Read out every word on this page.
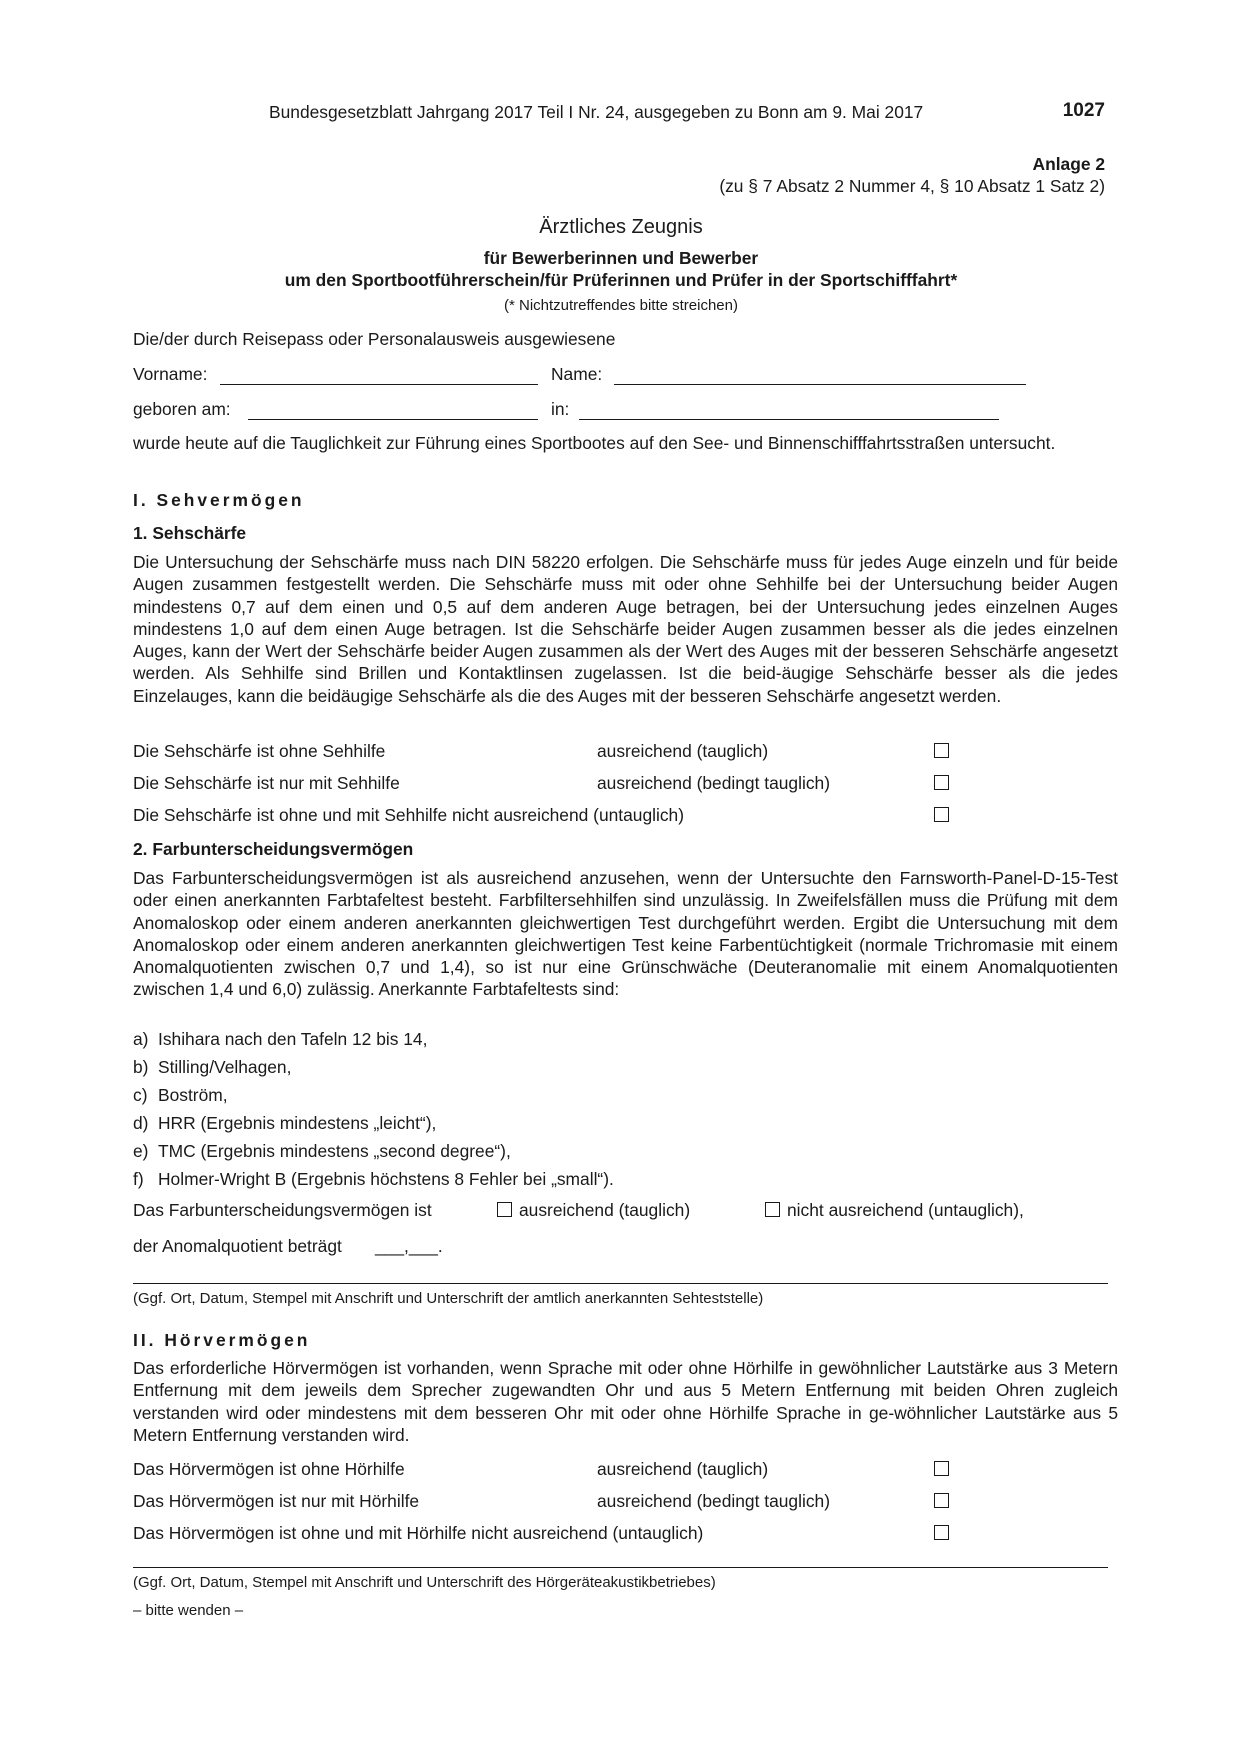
Bundesgesetzblatt Jahrgang 2017 Teil I Nr. 24, ausgegeben zu Bonn am 9. Mai 2017	1027
Anlage 2
(zu § 7 Absatz 2 Nummer 4, § 10 Absatz 1 Satz 2)
Ärztliches Zeugnis
für Bewerberinnen und Bewerber
um den Sportbootführerschein/für Prüferinnen und Prüfer in der Sportschifffahrt*
(* Nichtzutreffendes bitte streichen)
Die/der durch Reisepass oder Personalausweis ausgewiesene
Vorname:	Name:
geboren am:	in:
wurde heute auf die Tauglichkeit zur Führung eines Sportbootes auf den See- und Binnenschifffahrtsstraßen untersucht.
I. Sehvermögen
1. Sehschärfe
Die Untersuchung der Sehschärfe muss nach DIN 58220 erfolgen. Die Sehschärfe muss für jedes Auge einzeln und für beide Augen zusammen festgestellt werden. Die Sehschärfe muss mit oder ohne Sehhilfe bei der Untersuchung beider Augen mindestens 0,7 auf dem einen und 0,5 auf dem anderen Auge betragen, bei der Untersuchung jedes einzelnen Auges mindestens 1,0 auf dem einen Auge betragen. Ist die Sehschärfe beider Augen zusammen besser als die jedes einzelnen Auges, kann der Wert der Sehschärfe beider Augen zusammen als der Wert des Auges mit der besseren Sehschärfe angesetzt werden. Als Sehhilfe sind Brillen und Kontaktlinsen zugelassen. Ist die beid-äugige Sehschärfe besser als die jedes Einzelauges, kann die beidäugige Sehschärfe als die des Auges mit der besseren Sehschärfe angesetzt werden.
Die Sehschärfe ist ohne Sehhilfe	ausreichend (tauglich)
Die Sehschärfe ist nur mit Sehhilfe	ausreichend (bedingt tauglich)
Die Sehschärfe ist ohne und mit Sehhilfe nicht ausreichend (untauglich)
2. Farbunterscheidungsvermögen
Das Farbunterscheidungsvermögen ist als ausreichend anzusehen, wenn der Untersuchte den Farnsworth-Panel-D-15-Test oder einen anerkannten Farbtafeltest besteht. Farbfiltersehhilfen sind unzulässig. In Zweifelsfällen muss die Prüfung mit dem Anomaloskop oder einem anderen anerkannten gleichwertigen Test durchgeführt werden. Ergibt die Untersuchung mit dem Anomaloskop oder einem anderen anerkannten gleichwertigen Test keine Farbentüchtigkeit (normale Trichromasie mit einem Anomalquotienten zwischen 0,7 und 1,4), so ist nur eine Grünschwäche (Deuteranomalie mit einem Anomalquotienten zwischen 1,4 und 6,0) zulässig. Anerkannte Farbtafeltests sind:
a) Ishihara nach den Tafeln 12 bis 14,
b) Stilling/Velhagen,
c) Boström,
d) HRR (Ergebnis mindestens „leicht“),
e) TMC (Ergebnis mindestens „second degree“),
f) Holmer-Wright B (Ergebnis höchstens 8 Fehler bei „small“).
Das Farbunterscheidungsvermögen ist	ausreichend (tauglich)	nicht ausreichend (untauglich),
der Anomalquotient beträgt ___,___.
(Ggf. Ort, Datum, Stempel mit Anschrift und Unterschrift der amtlich anerkannten Sehteststelle)
II. Hörvermögen
Das erforderliche Hörvermögen ist vorhanden, wenn Sprache mit oder ohne Hörhilfe in gewöhnlicher Lautstärke aus 3 Metern Entfernung mit dem jeweils dem Sprecher zugewandten Ohr und aus 5 Metern Entfernung mit beiden Ohren zugleich verstanden wird oder mindestens mit dem besseren Ohr mit oder ohne Hörhilfe Sprache in ge-wöhnlicher Lautstärke aus 5 Metern Entfernung verstanden wird.
Das Hörvermögen ist ohne Hörhilfe	ausreichend (tauglich)
Das Hörvermögen ist nur mit Hörhilfe	ausreichend (bedingt tauglich)
Das Hörvermögen ist ohne und mit Hörhilfe nicht ausreichend (untauglich)
(Ggf. Ort, Datum, Stempel mit Anschrift und Unterschrift des Hörgeräteakustikbetriebes)
– bitte wenden –
